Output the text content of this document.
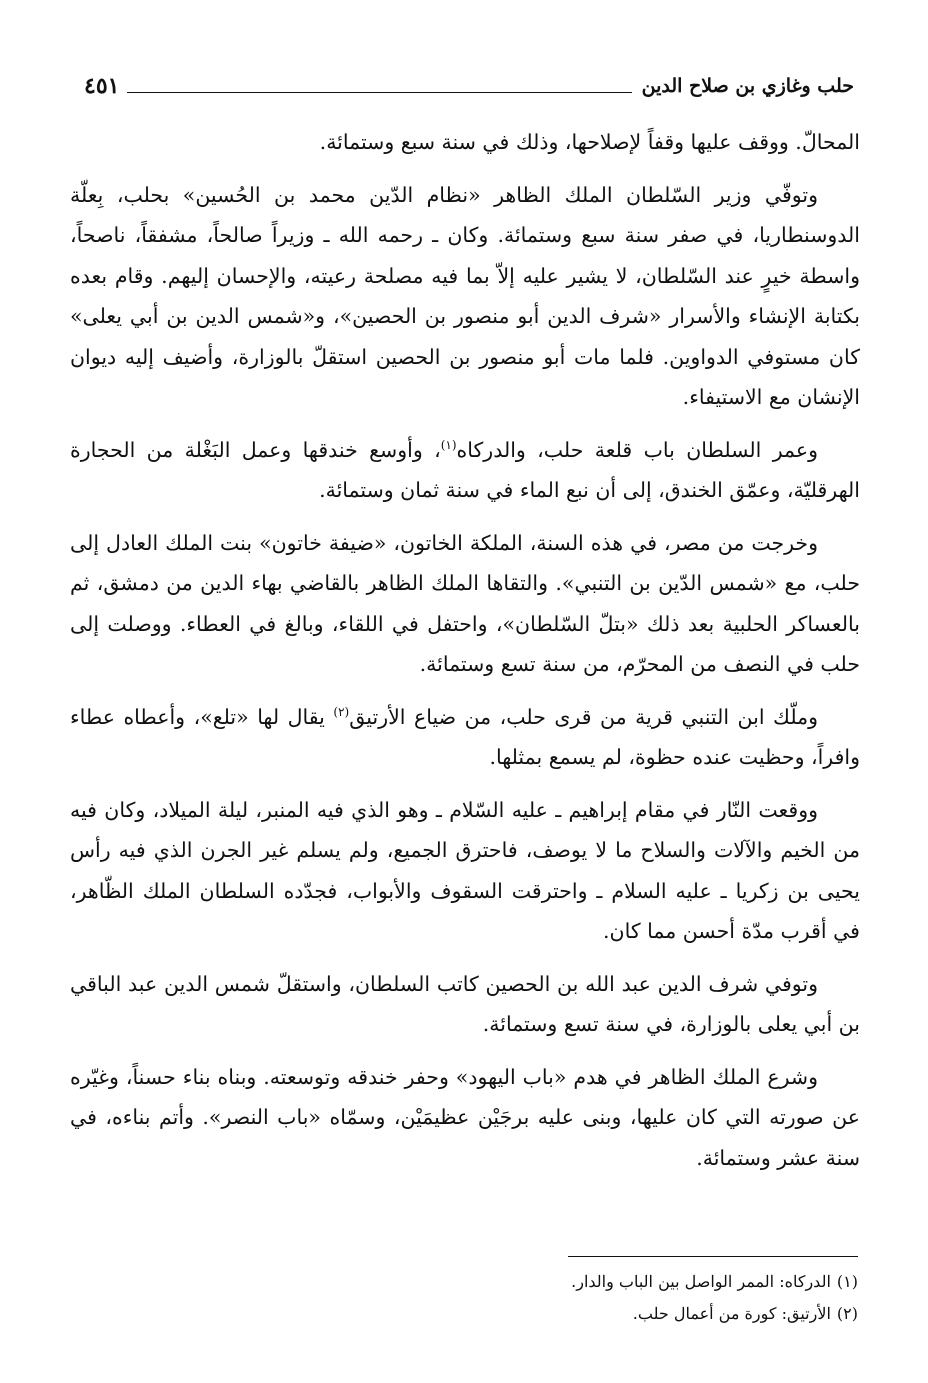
حلب وغازي بن صلاح الدين
٤٥١

المحالّ. ووقف عليها وقفاً لإصلاحها، وذلك في سنة سبع وستمائة.

وتوفّي وزير السّلطان الملك الظاهر «نظام الدّين محمد بن الحُسين» بحلب، بِعلّة الدوسنطاريا، في صفر سنة سبع وستمائة. وكان ـ رحمه الله ـ وزيراً صالحاً، مشفقاً، ناصحاً، واسطة خيرٍ عند السّلطان، لا يشير عليه إلاّ بما فيه مصلحة رعيته، والإحسان إليهم. وقام بعده بكتابة الإنشاء والأسرار «شرف الدين أبو منصور بن الحصين»، و«شمس الدين بن أبي يعلى» كان مستوفي الدواوين. فلما مات أبو منصور بن الحصين استقلّ بالوزارة، وأضيف إليه ديوان الإنشان مع الاستيفاء.

وعمر السلطان باب قلعة حلب، والدركاه$^{(١)}$، وأوسع خندقها وعمل البَغْلة من الحجارة الهرقليّة، وعمّق الخندق، إلى أن نبع الماء في سنة ثمان وستمائة.

وخرجت من مصر، في هذه السنة، الملكة الخاتون، «ضيفة خاتون» بنت الملك العادل إلى حلب، مع «شمس الدّين بن التنبي». والتقاها الملك الظاهر بالقاضي بهاء الدين من دمشق، ثم بالعساكر الحلبية بعد ذلك «بتلّ السّلطان»، واحتفل في اللقاء، وبالغ في العطاء. ووصلت إلى حلب في النصف من المحرّم، من سنة تسع وستمائة.

وملّك ابن التنبي قرية من قرى حلب، من ضياع الأرتيق$^{(٢)}$ يقال لها «تلع»، وأعطاه عطاء وافراً، وحظيت عنده حظوة، لم يسمع بمثلها.

ووقعت النّار في مقام إبراهيم ـ عليه السّلام ـ وهو الذي فيه المنبر، ليلة الميلاد، وكان فيه من الخيم والآلات والسلاح ما لا يوصف، فاحترق الجميع، ولم يسلم غير الجرن الذي فيه رأس يحيى بن زكريا ـ عليه السلام ـ واحترقت السقوف والأبواب، فجدّده السلطان الملك الظّاهر، في أقرب مدّة أحسن مما كان.

وتوفي شرف الدين عبد الله بن الحصين كاتب السلطان، واستقلّ شمس الدين عبد الباقي بن أبي يعلى بالوزارة، في سنة تسع وستمائة.

وشرع الملك الظاهر في هدم «باب اليهود» وحفر خندقه وتوسعته. وبناه بناء حسناً، وغيّره عن صورته التي كان عليها، وبنى عليه برجَيْن عظيمَيْن، وسمّاه «باب النصر». وأتم بناءه، في سنة عشر وستمائة.

(١)الدركاه: الممر الواصل بين الباب والدار.

(٢)الأرتيق: كورة من أعمال حلب.
